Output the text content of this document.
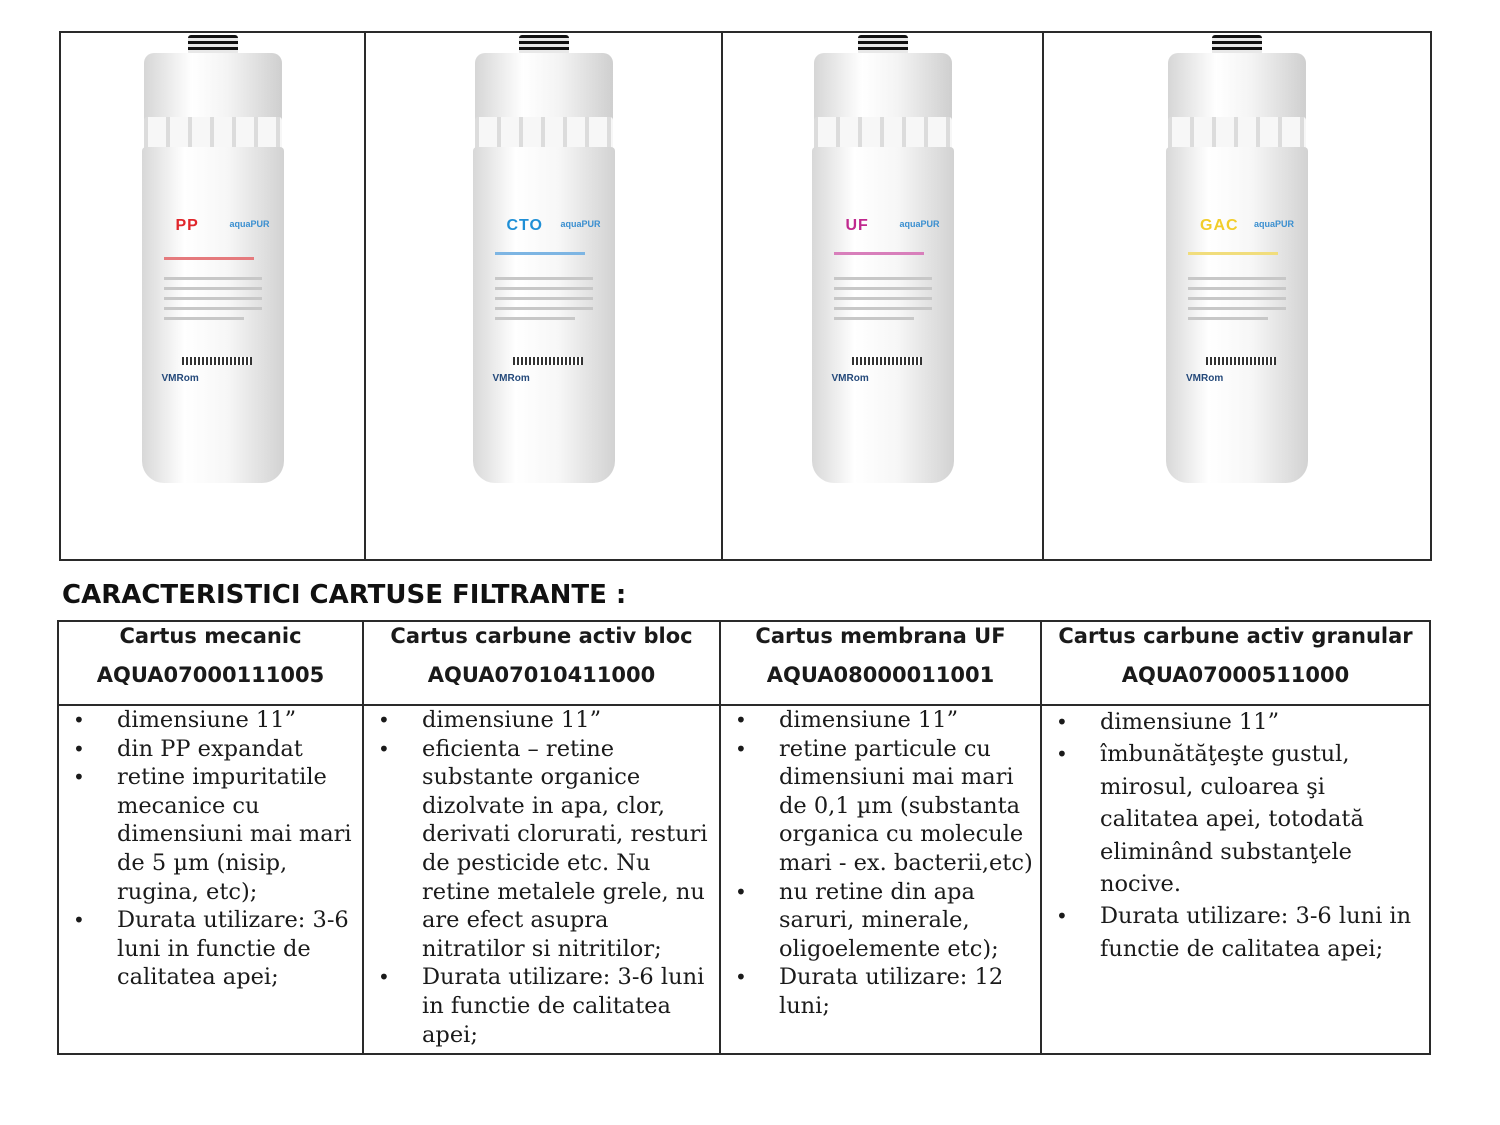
PP	aquaPUR
VMRom
CTO aquaPUR
VMRom
UF	aquaPUR
VMRom
GAC aquaPUR
VMRom
CARACTERISTICI CARTUSE FILTRANTE :
Cartus mecanic
AQUA07000111005
• dimensiune 11”
• din PP expandat
• retine impuritatile mecanice cu dimensiuni mai mari de 5 µm (nisip, rugina, etc);
• Durata utilizare: 3-6 luni in functie de calitatea apei;
Cartus carbune activ bloc
AQUA07010411000
• dimensiune 11”
• eficienta – retine substante organice dizolvate in apa, clor, derivati clorurati, resturi de pesticide etc. Nu retine metalele grele, nu are efect asupra nitratilor si nitritilor;
• Durata utilizare: 3-6 luni in functie de calitatea apei;
Cartus membrana UF
AQUA08000011001
• dimensiune 11”
• retine particule cu dimensiuni mai mari de 0,1 µm (substanta organica cu molecule mari - ex. bacterii,etc)
• nu retine din apa saruri, minerale, oligoelemente etc);
• Durata utilizare: 12 luni;
Cartus carbune activ granular
AQUA07000511000
• dimensiune 11”
• îmbunătăţeşte gustul, mirosul, culoarea şi calitatea apei, totodată eliminând substanţele nocive.
• Durata utilizare: 3-6 luni in functie de calitatea apei;
